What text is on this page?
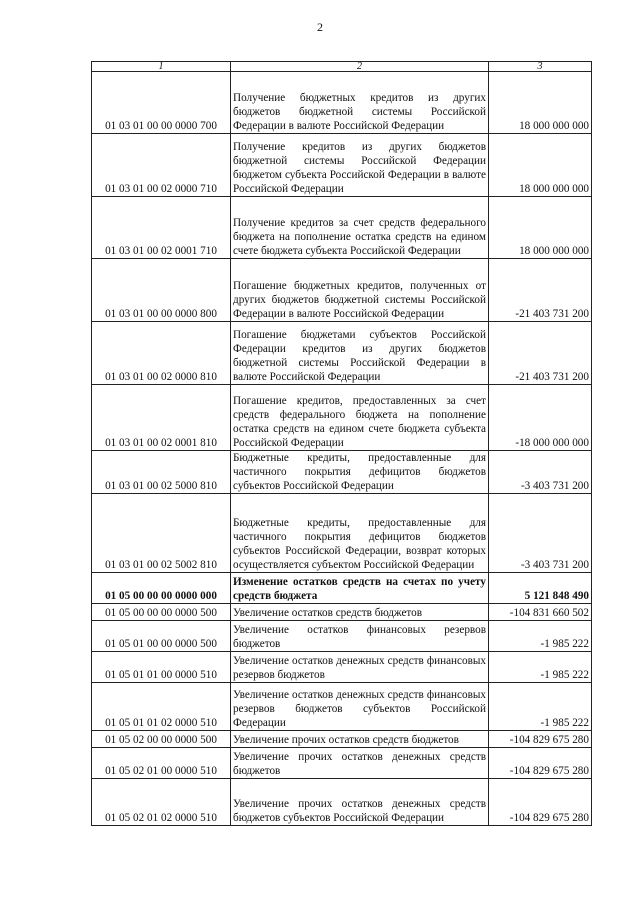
2
1	2	3
01 03 01 00 00 0000 700	Получение бюджетных кредитов из других бюджетов бюджетной системы Российской Федерации в валюте Российской Федерации	18 000 000 000
01 03 01 00 02 0000 710	Получение кредитов из других бюджетов бюджетной системы Российской Федерации бюджетом субъекта Российской Федерации в валюте Российской Федерации	18 000 000 000
01 03 01 00 02 0001 710	Получение кредитов за счет средств федерального бюджета на пополнение остатка средств на едином счете бюджета субъекта Российской Федерации	18 000 000 000
01 03 01 00 00 0000 800	Погашение бюджетных кредитов, полученных от других бюджетов бюджетной системы Российской Федерации в валюте Российской Федерации	-21 403 731 200
01 03 01 00 02 0000 810	Погашение бюджетами субъектов Российской Федерации кредитов из других бюджетов бюджетной системы Российской Федерации в валюте Российской Федерации	-21 403 731 200
01 03 01 00 02 0001 810	Погашение кредитов, предоставленных за счет средств федерального бюджета на пополнение остатка средств на едином счете бюджета субъекта Российской Федерации	-18 000 000 000
01 03 01 00 02 5000 810	Бюджетные кредиты, предоставленные для частичного покрытия дефицитов бюджетов субъектов Российской Федерации	-3 403 731 200
01 03 01 00 02 5002 810	Бюджетные кредиты, предоставленные для частичного покрытия дефицитов бюджетов субъектов Российской Федерации, возврат которых осуществляется субъектом Российской Федерации	-3 403 731 200
01 05 00 00 00 0000 000	Изменение остатков средств на счетах по учету средств бюджета	5 121 848 490
01 05 00 00 00 0000 500	Увеличение остатков средств бюджетов	-104 831 660 502
01 05 01 00 00 0000 500	Увеличение остатков финансовых резервов бюджетов	-1 985 222
01 05 01 01 00 0000 510	Увеличение остатков денежных средств финансовых резервов бюджетов	-1 985 222
01 05 01 01 02 0000 510	Увеличение остатков денежных средств финансовых резервов бюджетов субъектов Российской Федерации	-1 985 222
01 05 02 00 00 0000 500	Увеличение прочих остатков средств бюджетов	-104 829 675 280
01 05 02 01 00 0000 510	Увеличение прочих остатков денежных средств бюджетов	-104 829 675 280
01 05 02 01 02 0000 510	Увеличение прочих остатков денежных средств бюджетов субъектов Российской Федерации	-104 829 675 280
